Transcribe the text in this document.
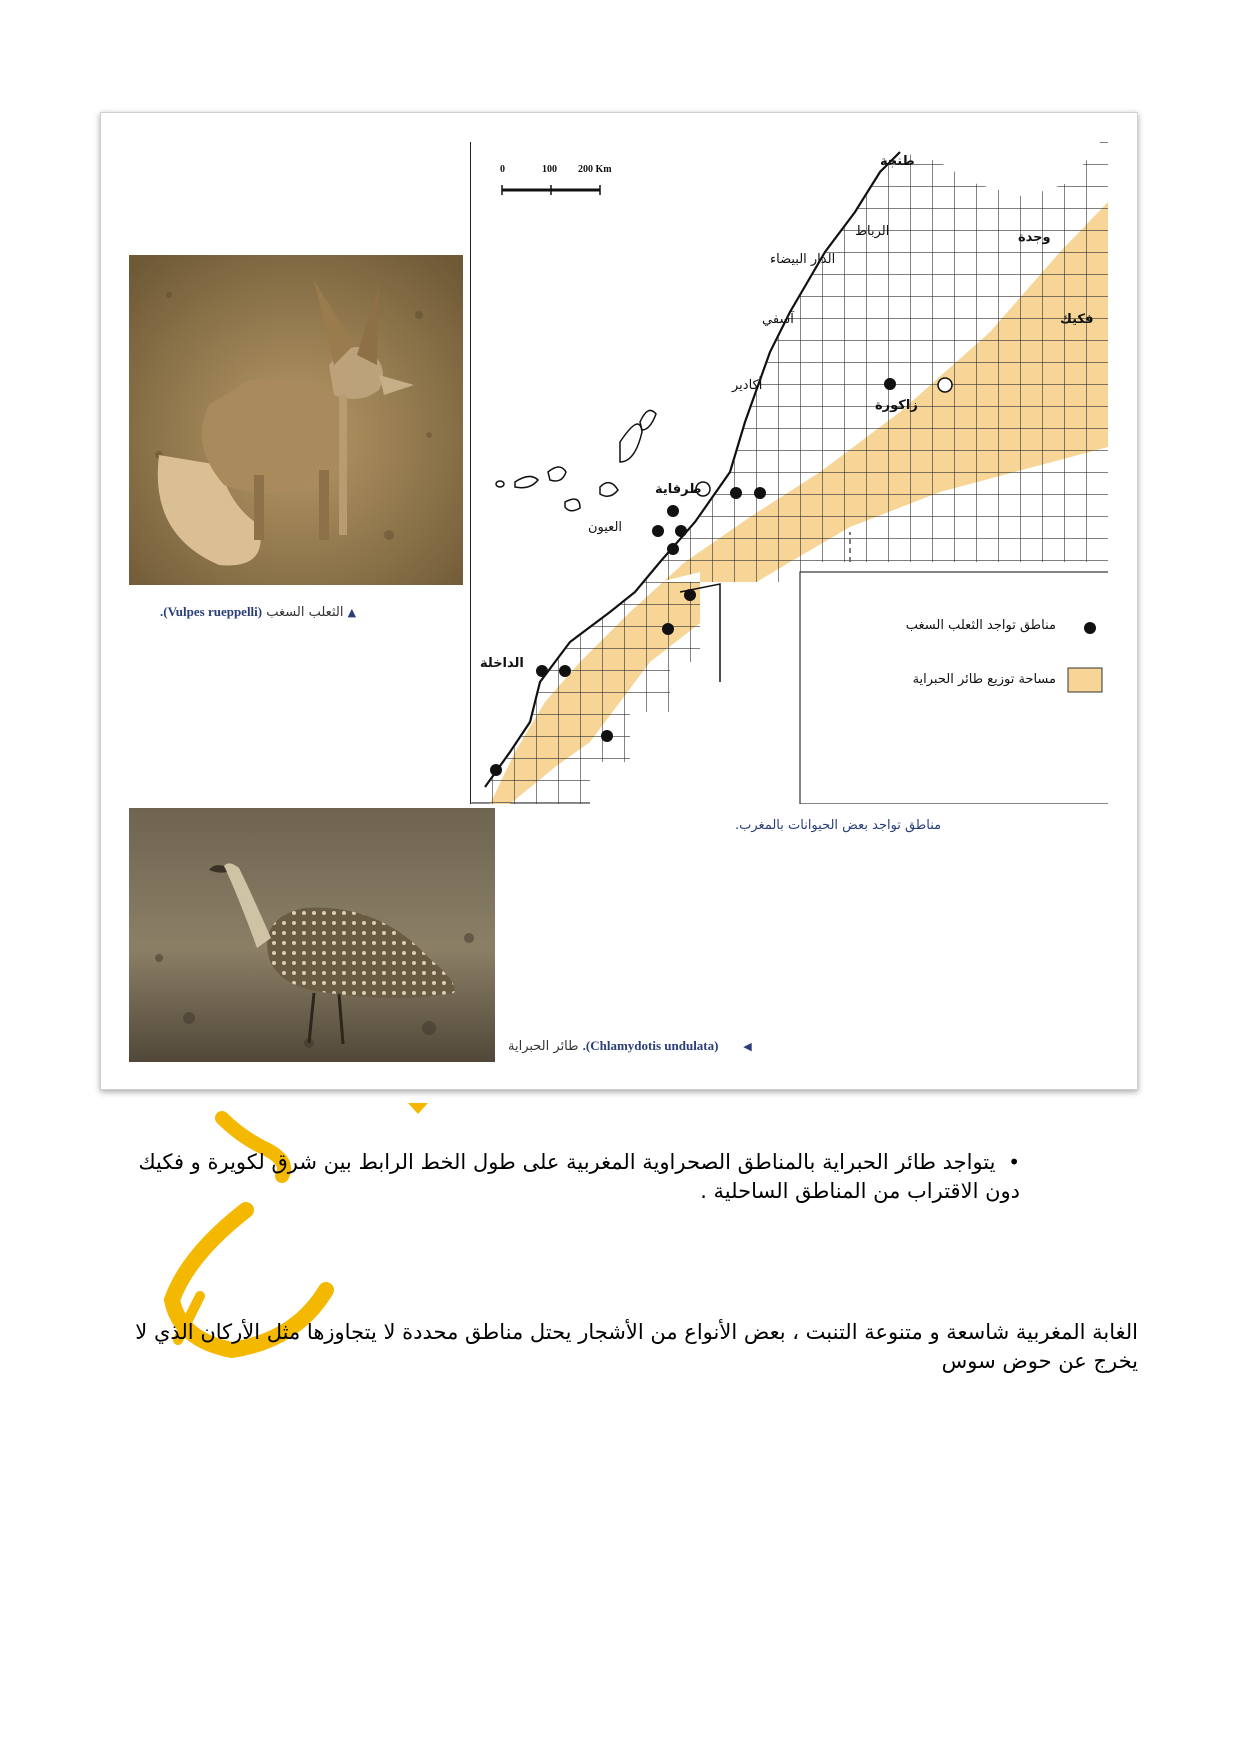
▲ الثعلب السغب (Vulpes rueppelli).
◀      (Chlamydotis undulata). طائر الحبراية
0	100 200 Km
طنجة
الرباط	وجدة
الدار البيضاء
آسفي	فكيك
أكادير
زاكورة
طرفاية
العيون
الداخلة
مناطق تواجد الثعلب السغب
مساحة توزيع طائر الحبراية
مناطق تواجد بعض الحيوانات بالمغرب.
•  يتواجد طائر الحبراية بالمناطق الصحراوية المغربية على طول الخط الرابط بين شرق لكويرة و فكيك دون الاقتراب من المناطق الساحلية .
الغابة المغربية شاسعة و متنوعة التنبت ، بعض الأنواع من الأشجار يحتل مناطق محددة لا يتجاوزها مثل الأركان الذي لا يخرج عن حوض سوس
